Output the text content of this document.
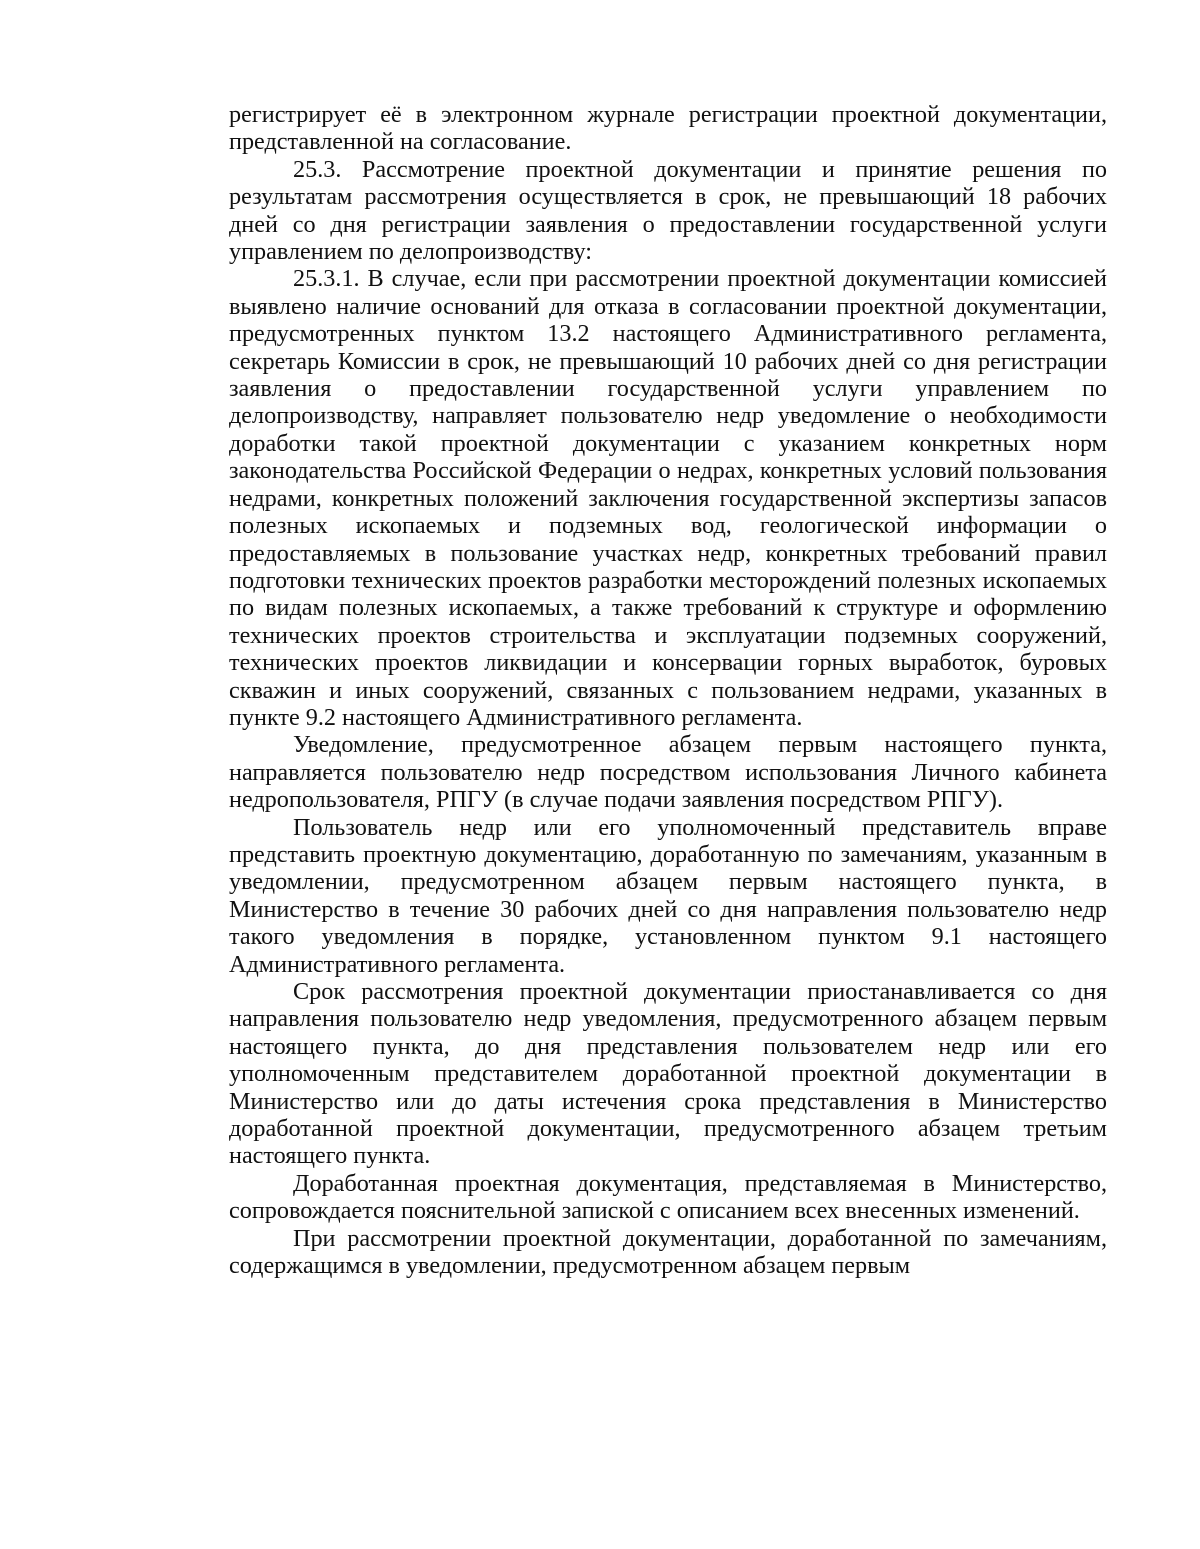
регистрирует её в электронном журнале регистрации проектной документации, представленной на согласование.

25.3. Рассмотрение проектной документации и принятие решения по результатам рассмотрения осуществляется в срок, не превышающий 18 рабочих дней со дня регистрации заявления о предоставлении государственной услуги управлением по делопроизводству:

25.3.1. В случае, если при рассмотрении проектной документации комиссией выявлено наличие оснований для отказа в согласовании проектной документации, предусмотренных пунктом 13.2 настоящего Административного регламента, секретарь Комиссии в срок, не превышающий 10 рабочих дней со дня регистрации заявления о предоставлении государственной услуги управлением по делопроизводству, направляет пользователю недр уведомление о необходимости доработки такой проектной документации с указанием конкретных норм законодательства Российской Федерации о недрах, конкретных условий пользования недрами, конкретных положений заключения государственной экспертизы запасов полезных ископаемых и подземных вод, геологической информации о предоставляемых в пользование участках недр, конкретных требований правил подготовки технических проектов разработки месторождений полезных ископаемых по видам полезных ископаемых, а также требований к структуре и оформлению технических проектов строительства и эксплуатации подземных сооружений, технических проектов ликвидации и консервации горных выработок, буровых скважин и иных сооружений, связанных с пользованием недрами, указанных в пункте 9.2 настоящего Административного регламента.

Уведомление, предусмотренное абзацем первым настоящего пункта, направляется пользователю недр посредством использования Личного кабинета недропользователя, РПГУ (в случае подачи заявления посредством РПГУ).

Пользователь недр или его уполномоченный представитель вправе представить проектную документацию, доработанную по замечаниям, указанным в уведомлении, предусмотренном абзацем первым настоящего пункта, в Министерство в течение 30 рабочих дней со дня направления пользователю недр такого уведомления в порядке, установленном пунктом 9.1 настоящего Административного регламента.

Срок рассмотрения проектной документации приостанавливается со дня направления пользователю недр уведомления, предусмотренного абзацем первым настоящего пункта, до дня представления пользователем недр или его уполномоченным представителем доработанной проектной документации в Министерство или до даты истечения срока представления в Министерство доработанной проектной документации, предусмотренного абзацем третьим настоящего пункта.

Доработанная проектная документация, представляемая в Министерство, сопровождается пояснительной запиской с описанием всех внесенных изменений.

При рассмотрении проектной документации, доработанной по замечаниям, содержащимся в уведомлении, предусмотренном абзацем первым
